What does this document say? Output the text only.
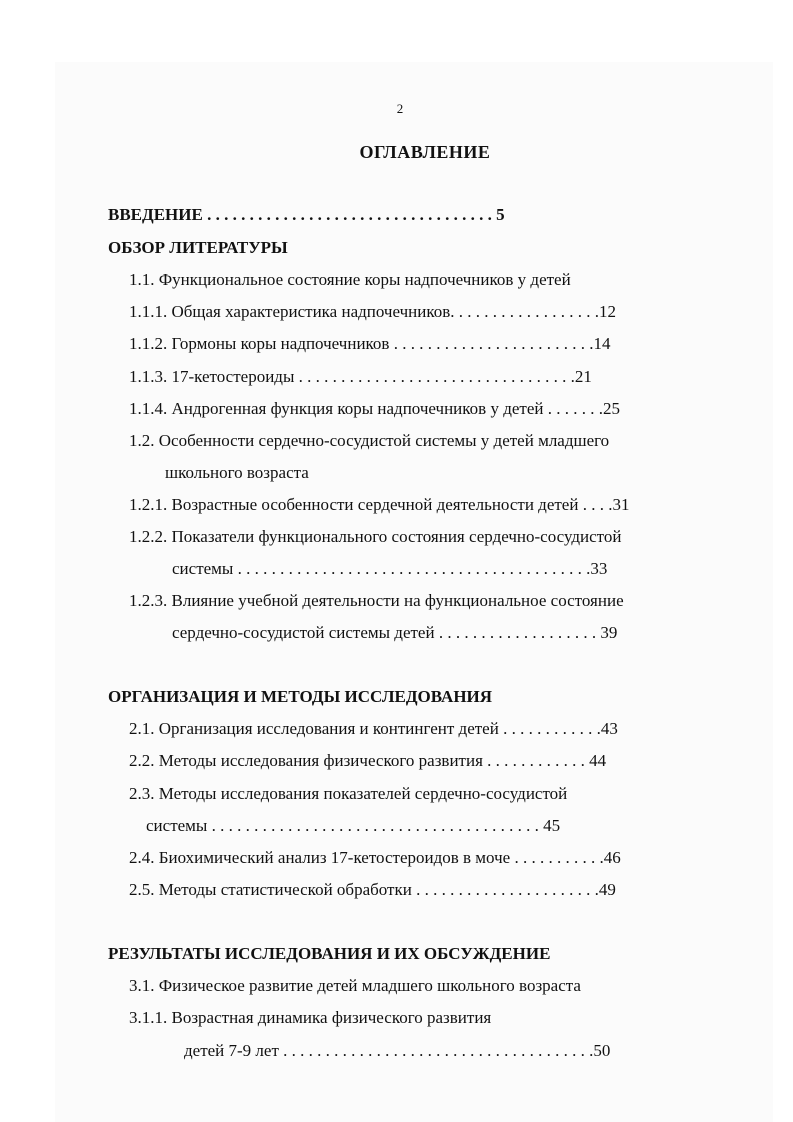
2
ОГЛАВЛЕНИЕ
ВВЕДЕНИЕ . . . . . . . . . . . . . . . . . . . . . . . . . . . . . . . . . . 5
ОБЗОР ЛИТЕРАТУРЫ
1.1. Функциональное состояние коры надпочечников у детей
1.1.1. Общая характеристика надпочечников. . . . . . . . . . . . . . . . . .12
1.1.2. Гормоны коры надпочечников . . . . . . . . . . . . . . . . . . . . . . . .14
1.1.3. 17-кетостероиды . . . . . . . . . . . . . . . . . . . . . . . . . . . . . . . . .21
1.1.4. Андрогенная функция коры надпочечников у детей . . . . . . .25
1.2. Особенности сердечно-сосудистой системы у детей младшего
школьного возраста
1.2.1. Возрастные особенности сердечной деятельности детей . . . .31
1.2.2. Показатели функционального состояния сердечно-сосудистой
системы . . . . . . . . . . . . . . . . . . . . . . . . . . . . . . . . . . . . . . . . . .33
1.2.3. Влияние учебной деятельности на функциональное состояние
сердечно-сосудистой системы детей . . . . . . . . . . . . . . . . . . . 39
ОРГАНИЗАЦИЯ И МЕТОДЫ ИССЛЕДОВАНИЯ
2.1. Организация исследования и контингент детей . . . . . . . . . . . .43
2.2. Методы исследования физического развития . . . . . . . . . . . . 44
2.3. Методы исследования показателей сердечно-сосудистой
системы . . . . . . . . . . . . . . . . . . . . . . . . . . . . . . . . . . . . . . . 45
2.4. Биохимический анализ 17-кетостероидов в моче . . . . . . . . . . .46
2.5. Методы статистической обработки . . . . . . . . . . . . . . . . . . . . . .49
РЕЗУЛЬТАТЫ ИССЛЕДОВАНИЯ И ИХ ОБСУЖДЕНИЕ
3.1. Физическое развитие детей младшего школьного возраста
3.1.1. Возрастная динамика физического развития
детей 7-9 лет . . . . . . . . . . . . . . . . . . . . . . . . . . . . . . . . . . . . .50
